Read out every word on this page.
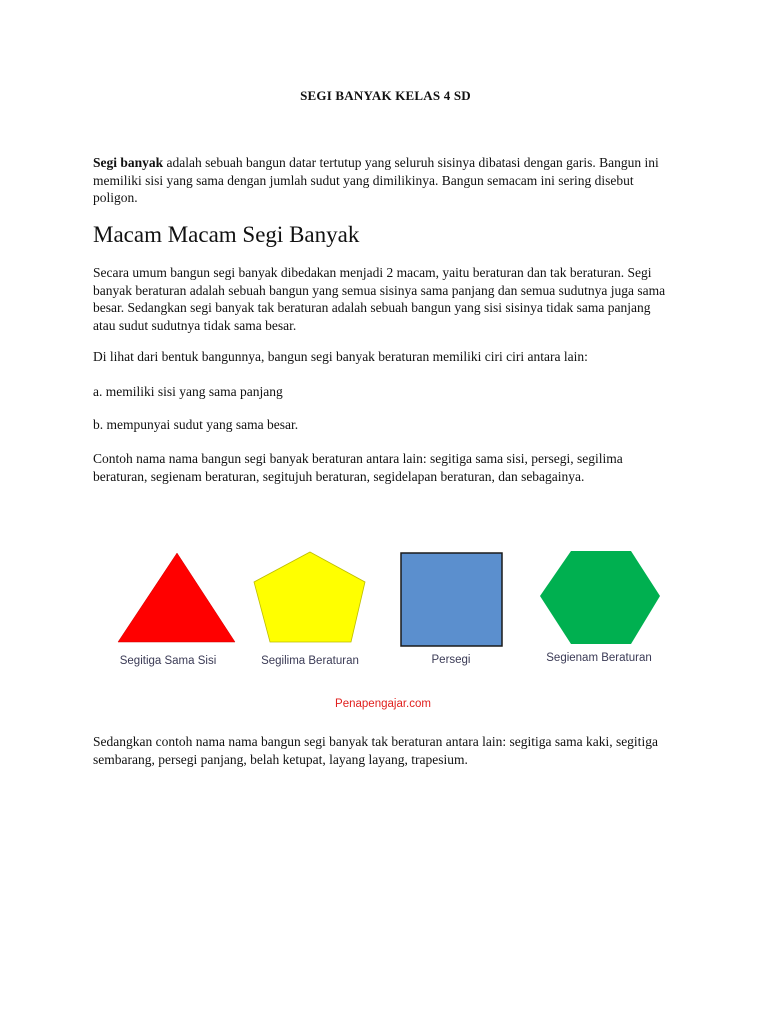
SEGI BANYAK KELAS 4 SD

Segi banyak adalah sebuah bangun datar tertutup yang seluruh sisinya dibatasi dengan garis. Bangun ini memiliki sisi yang sama dengan jumlah sudut yang dimilikinya. Bangun semacam ini sering disebut poligon.

Macam Macam Segi Banyak

Secara umum bangun segi banyak dibedakan menjadi 2 macam, yaitu beraturan dan tak beraturan. Segi banyak beraturan adalah sebuah bangun yang semua sisinya sama panjang dan semua sudutnya juga sama besar. Sedangkan segi banyak tak beraturan adalah sebuah bangun yang sisi sisinya tidak sama panjang atau sudut sudutnya tidak sama besar.

Di lihat dari bentuk bangunnya, bangun segi banyak beraturan memiliki ciri ciri antara lain:

a. memiliki sisi yang sama panjang

b. mempunyai sudut yang sama besar.

Contoh nama nama bangun segi banyak beraturan antara lain: segitiga sama sisi, persegi, segilima beraturan, segienam beraturan, segitujuh beraturan, segidelapan beraturan, dan sebagainya.

Segitiga Sama Sisi	Segilima Beraturan	Persegi	Segienam Beraturan
Penapengajar.com

Sedangkan contoh nama nama bangun segi banyak tak beraturan antara lain: segitiga sama kaki, segitiga sembarang, persegi panjang, belah ketupat, layang layang, trapesium.
